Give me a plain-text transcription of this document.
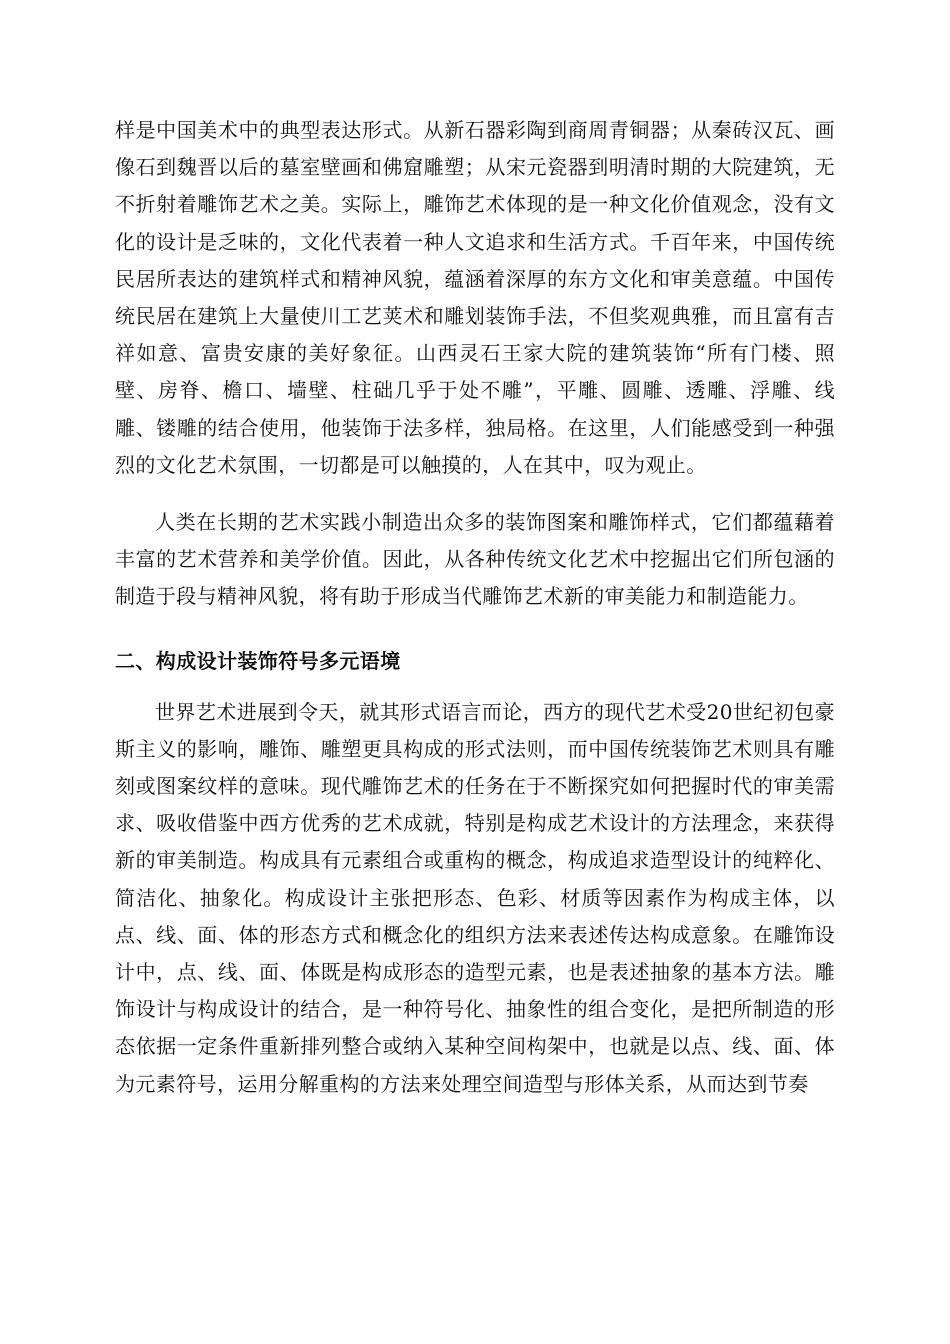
样是中国美术中的典型表达形式。从新石器彩陶到商周青铜器；从秦砖汉瓦、画像石到魏晋以后的墓室壁画和佛窟雕塑；从宋元瓷器到明清时期的大院建筑，无不折射着雕饰艺术之美。实际上，雕饰艺术体现的是一种文化价值观念，没有文化的设计是乏味的，文化代表着一种人文追求和生活方式。千百年来，中国传统民居所表达的建筑样式和精神风貌，蕴涵着深厚的东方文化和审美意蕴。中国传统民居在建筑上大量使川工艺荚术和雕划装饰手法，不但奖观典雅，而且富有吉祥如意、富贵安康的美好象征。山西灵石王家大院的建筑装饰“所有门楼、照壁、房脊、檐口、墙壁、柱础几乎于处不雕”，平雕、圆雕、透雕、浮雕、线雕、镂雕的结合使用，他装饰于法多样，独局格。在这里，人们能感受到一种强烈的文化艺术氛围，一切都是可以触摸的，人在其中，叹为观止。

人类在长期的艺术实践小制造出众多的装饰图案和雕饰样式，它们都蕴藉着丰富的艺术营养和美学价值。因此，从各种传统文化艺术中挖掘出它们所包涵的制造于段与精神风貌，将有助于形成当代雕饰艺术新的审美能力和制造能力。

二、构成设计装饰符号多元语境

世界艺术进展到令天，就其形式语言而论，西方的现代艺术受20世纪初包豪斯主义的影响，雕饰、雕塑更具构成的形式法则，而中国传统装饰艺术则具有雕刻或图案纹样的意味。现代雕饰艺术的任务在于不断探究如何把握时代的审美需求、吸收借鉴中西方优秀的艺术成就，特别是构成艺术设计的方法理念，来获得新的审美制造。构成具有元素组合或重构的概念，构成追求造型设计的纯粹化、简洁化、抽象化。构成设计主张把形态、色彩、材质等因素作为构成主体，以点、线、面、体的形态方式和概念化的组织方法来表述传达构成意象。在雕饰设计中，点、线、面、体既是构成形态的造型元素，也是表述抽象的基本方法。雕饰设计与构成设计的结合，是一种符号化、抽象性的组合变化，是把所制造的形态依据一定条件重新排列整合或纳入某种空间构架中，也就是以点、线、面、体为元素符号，运用分解重构的方法来处理空间造型与形体关系，从而达到节奏
